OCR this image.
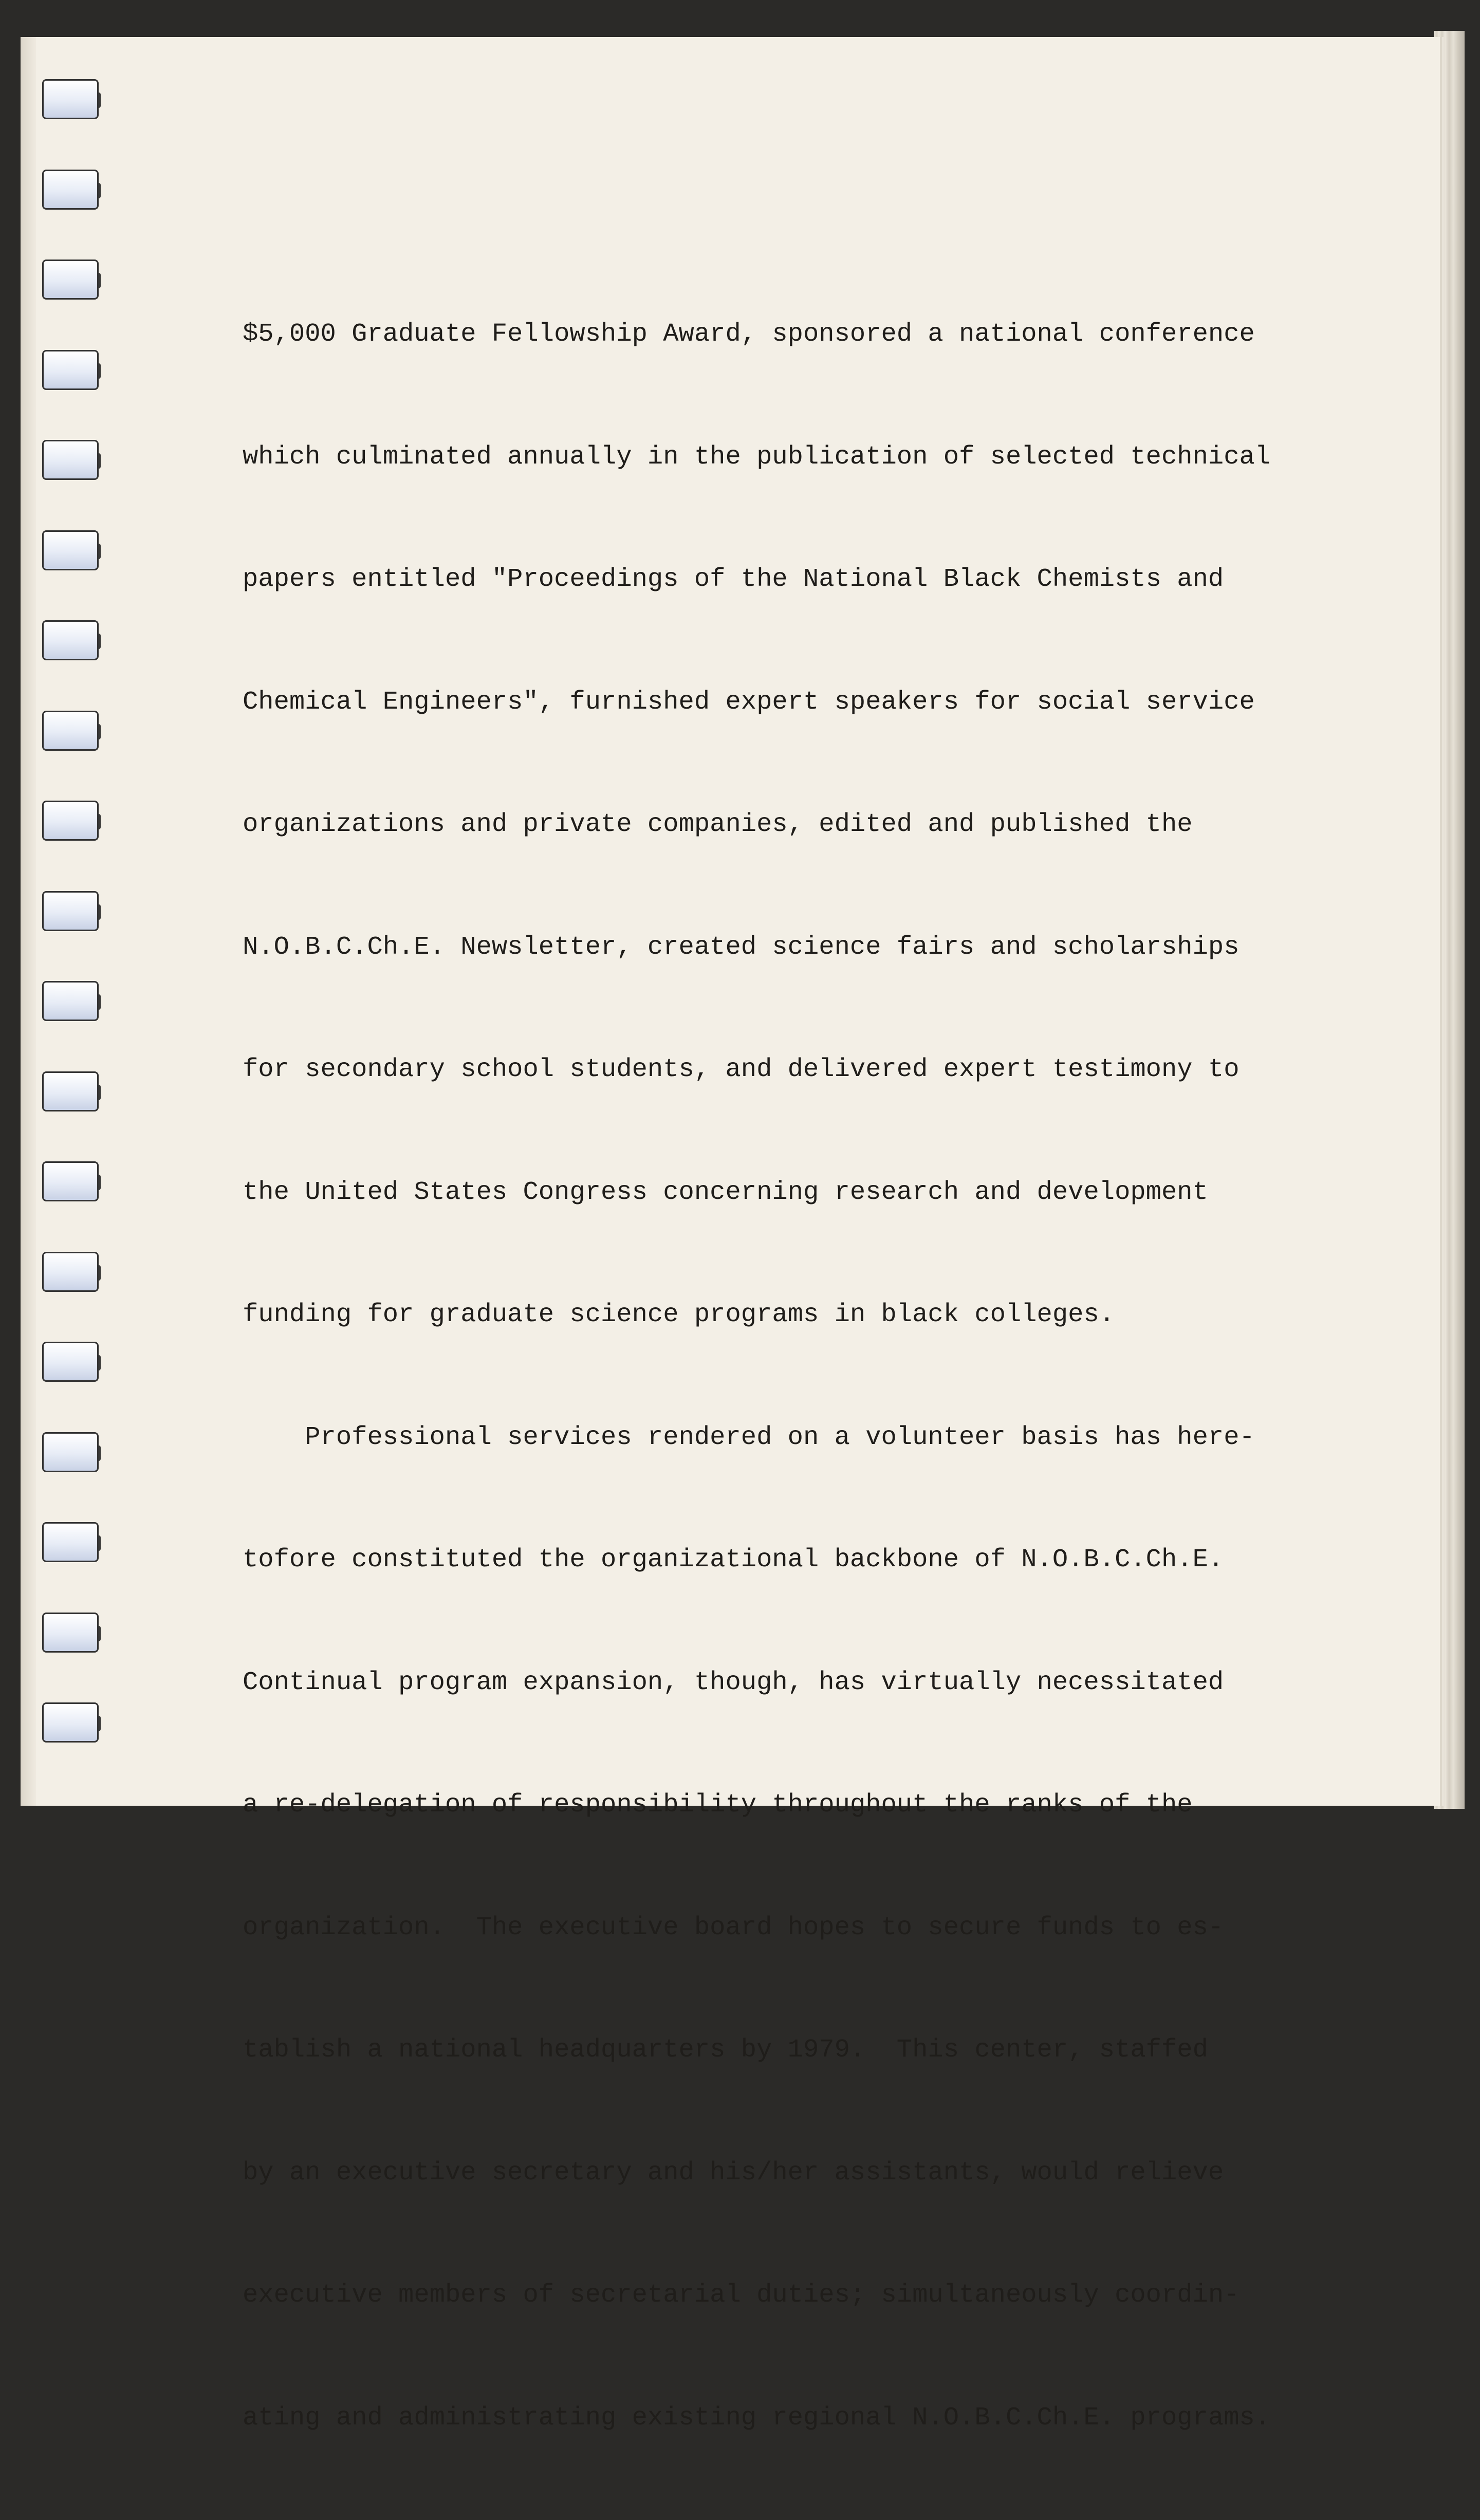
$5,000 Graduate Fellowship Award, sponsored a national conference

which culminated annually in the publication of selected technical

papers entitled "Proceedings of the National Black Chemists and

Chemical Engineers", furnished expert speakers for social service

organizations and private companies, edited and published the

N.O.B.C.Ch.E. Newsletter, created science fairs and scholarships

for secondary school students, and delivered expert testimony to

the United States Congress concerning research and development

funding for graduate science programs in black colleges.

Professional services rendered on a volunteer basis has here-

tofore constituted the organizational backbone of N.O.B.C.Ch.E.

Continual program expansion, though, has virtually necessitated

a re-delegation of responsibility throughout the ranks of the

organization.  The executive board hopes to secure funds to es-

tablish a national headquarters by 1979.  This center, staffed

by an executive secretary and his/her assistants, would relieve

executive members of secretarial duties; simultaneously coordin-

ating and administrating existing regional N.O.B.C.Ch.E. programs.
